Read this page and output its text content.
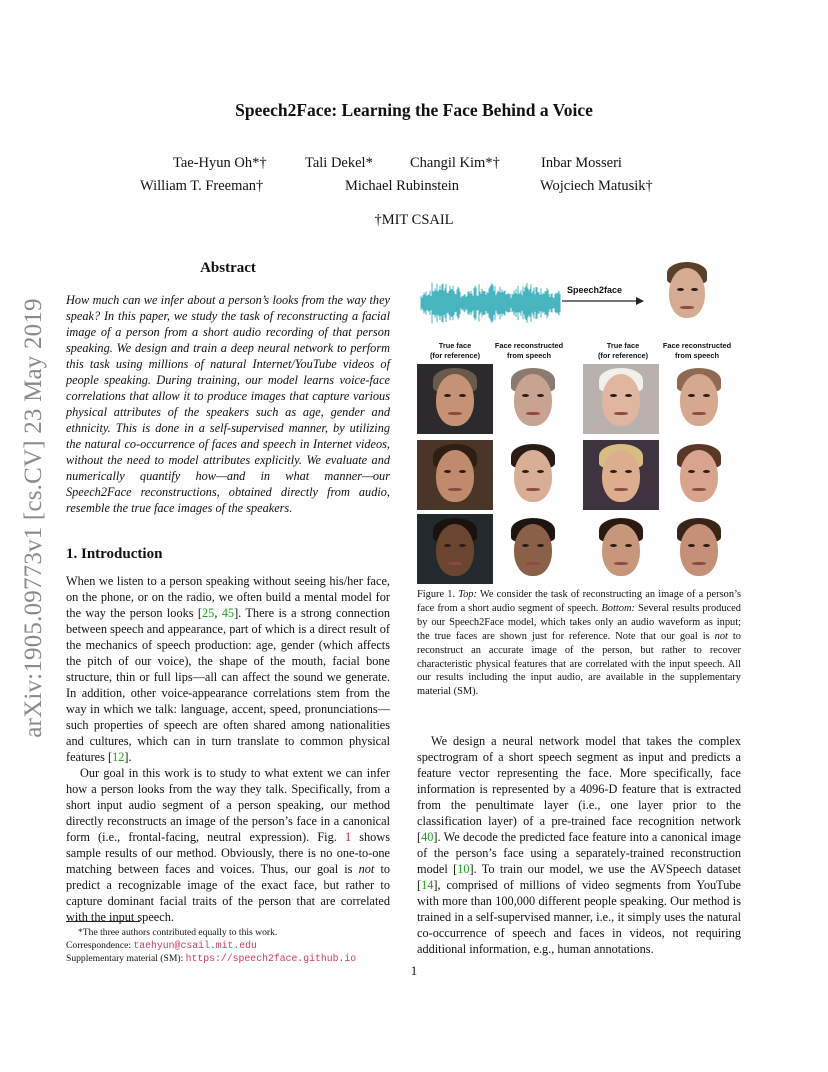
Speech2Face: Learning the Face Behind a Voice
Tae-Hyun Oh*†	Tali Dekel*	Changil Kim*†	Inbar Mosseri
William T. Freeman†	Michael Rubinstein	Wojciech Matusik†
†MIT CSAIL
arXiv:1905.09773v1 [cs.CV] 23 May 2019
Abstract
How much can we infer about a person’s looks from the way they speak? In this paper, we study the task of reconstructing a facial image of a person from a short audio recording of that person speaking. We design and train a deep neural network to perform this task using millions of natural Internet/YouTube videos of people speaking. During training, our model learns voice-face correlations that allow it to produce images that capture various physical attributes of the speakers such as age, gender and ethnicity. This is done in a self-supervised manner, by utilizing the natural co-occurrence of faces and speech in Internet videos, without the need to model attributes explicitly. We evaluate and numerically quantify how—and in what manner—our Speech2Face reconstructions, obtained directly from audio, resemble the true face images of the speakers.
1. Introduction

When we listen to a person speaking without seeing his/her face, on the phone, or on the radio, we often build a mental model for the way the person looks [25, 45]. There is a strong connection between speech and appearance, part of which is a direct result of the mechanics of speech production: age, gender (which affects the pitch of our voice), the shape of the mouth, facial bone structure, thin or full lips—all can affect the sound we generate. In addition, other voice-appearance correlations stem from the way in which we talk: language, accent, speed, pronunciations—such properties of speech are often shared among nationalities and cultures, which can in turn translate to common physical features [12].

Our goal in this work is to study to what extent we can infer how a person looks from the way they talk. Specifically, from a short input audio segment of a person speaking, our method directly reconstructs an image of the person’s face in a canonical form (i.e., frontal-facing, neutral expression). Fig. 1 shows sample results of our method. Obviously, there is no one-to-one matching between faces and voices. Thus, our goal is not to predict a recognizable image of the exact face, but rather to capture dominant facial traits of the person that are correlated with the input speech.

*The three authors contributed equally to this work.
Correspondence: taehyun@csail.mit.edu
Supplementary material (SM): https://speech2face.github.io
Speech2face
True face
(for reference)
Face reconstructed
from speech
True face
(for reference)
Face reconstructed
from speech
Figure 1. Top: We consider the task of reconstructing an image of a person’s face from a short audio segment of speech. Bottom: Several results produced by our Speech2Face model, which takes only an audio waveform as input; the true faces are shown just for reference. Note that our goal is not to reconstruct an accurate image of the person, but rather to recover characteristic physical features that are correlated with the input speech. All our results including the input audio, are available in the supplementary material (SM).

We design a neural network model that takes the complex spectrogram of a short speech segment as input and predicts a feature vector representing the face. More specifically, face information is represented by a 4096-D feature that is extracted from the penultimate layer (i.e., one layer prior to the classification layer) of a pre-trained face recognition network [40]. We decode the predicted face feature into a canonical image of the person’s face using a separately-trained reconstruction model [10]. To train our model, we use the AVSpeech dataset [14], comprised of millions of video segments from YouTube with more than 100,000 different people speaking. Our method is trained in a self-supervised manner, i.e., it simply uses the natural co-occurrence of speech and faces in videos, not requiring additional information, e.g., human annotations.

1
